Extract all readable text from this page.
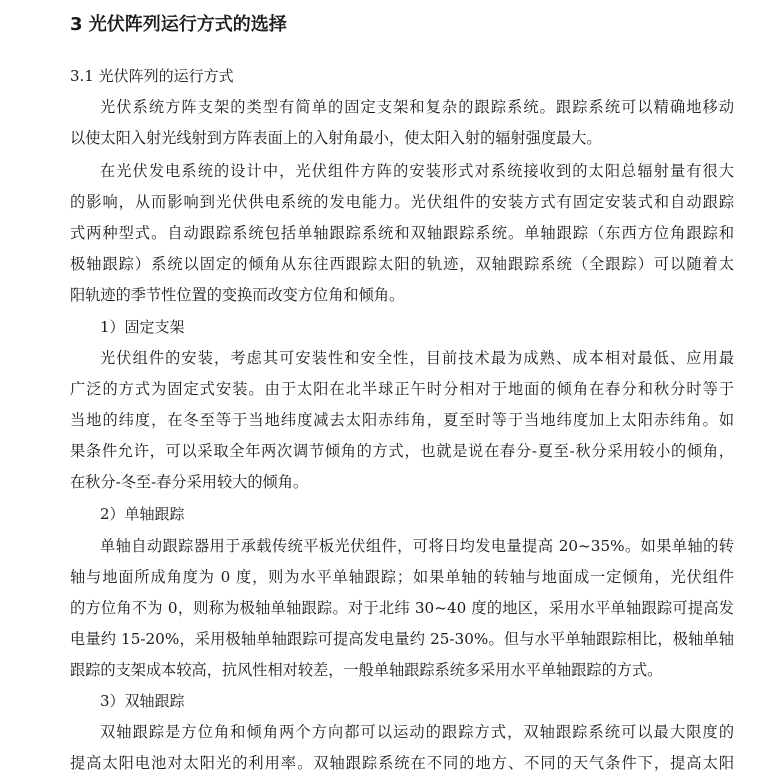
3 光伏阵列运行方式的选择

3.1 光伏阵列的运行方式

光伏系统方阵支架的类型有简单的固定支架和复杂的跟踪系统。跟踪系统可以精确地移动

以使太阳入射光线射到方阵表面上的入射角最小，使太阳入射的辐射强度最大。

在光伏发电系统的设计中，光伏组件方阵的安装形式对系统接收到的太阳总辐射量有很大

的影响，从而影响到光伏供电系统的发电能力。光伏组件的安装方式有固定安装式和自动跟踪

式两种型式。自动跟踪系统包括单轴跟踪系统和双轴跟踪系统。单轴跟踪（东西方位角跟踪和

极轴跟踪）系统以固定的倾角从东往西跟踪太阳的轨迹，双轴跟踪系统（全跟踪）可以随着太

阳轨迹的季节性位置的变换而改变方位角和倾角。

1）固定支架

光伏组件的安装，考虑其可安装性和安全性，目前技术最为成熟、成本相对最低、应用最

广泛的方式为固定式安装。由于太阳在北半球正午时分相对于地面的倾角在春分和秋分时等于

当地的纬度，在冬至等于当地纬度减去太阳赤纬角，夏至时等于当地纬度加上太阳赤纬角。如

果条件允许，可以采取全年两次调节倾角的方式，也就是说在春分-夏至-秋分采用较小的倾角，

在秋分-冬至-春分采用较大的倾角。

2）单轴跟踪

单轴自动跟踪器用于承载传统平板光伏组件，可将日均发电量提高 20~35%。如果单轴的转

轴与地面所成角度为 0 度，则为水平单轴跟踪；如果单轴的转轴与地面成一定倾角，光伏组件

的方位角不为 0，则称为极轴单轴跟踪。对于北纬 30~40 度的地区，采用水平单轴跟踪可提高发

电量约 15-20%，采用极轴单轴跟踪可提高发电量约 25-30%。但与水平单轴跟踪相比，极轴单轴

跟踪的支架成本较高，抗风性相对较差，一般单轴跟踪系统多采用水平单轴跟踪的方式。

3）双轴跟踪

双轴跟踪是方位角和倾角两个方向都可以运动的跟踪方式，双轴跟踪系统可以最大限度的

提高太阳电池对太阳光的利用率。双轴跟踪系统在不同的地方、不同的天气条件下，提高太阳
